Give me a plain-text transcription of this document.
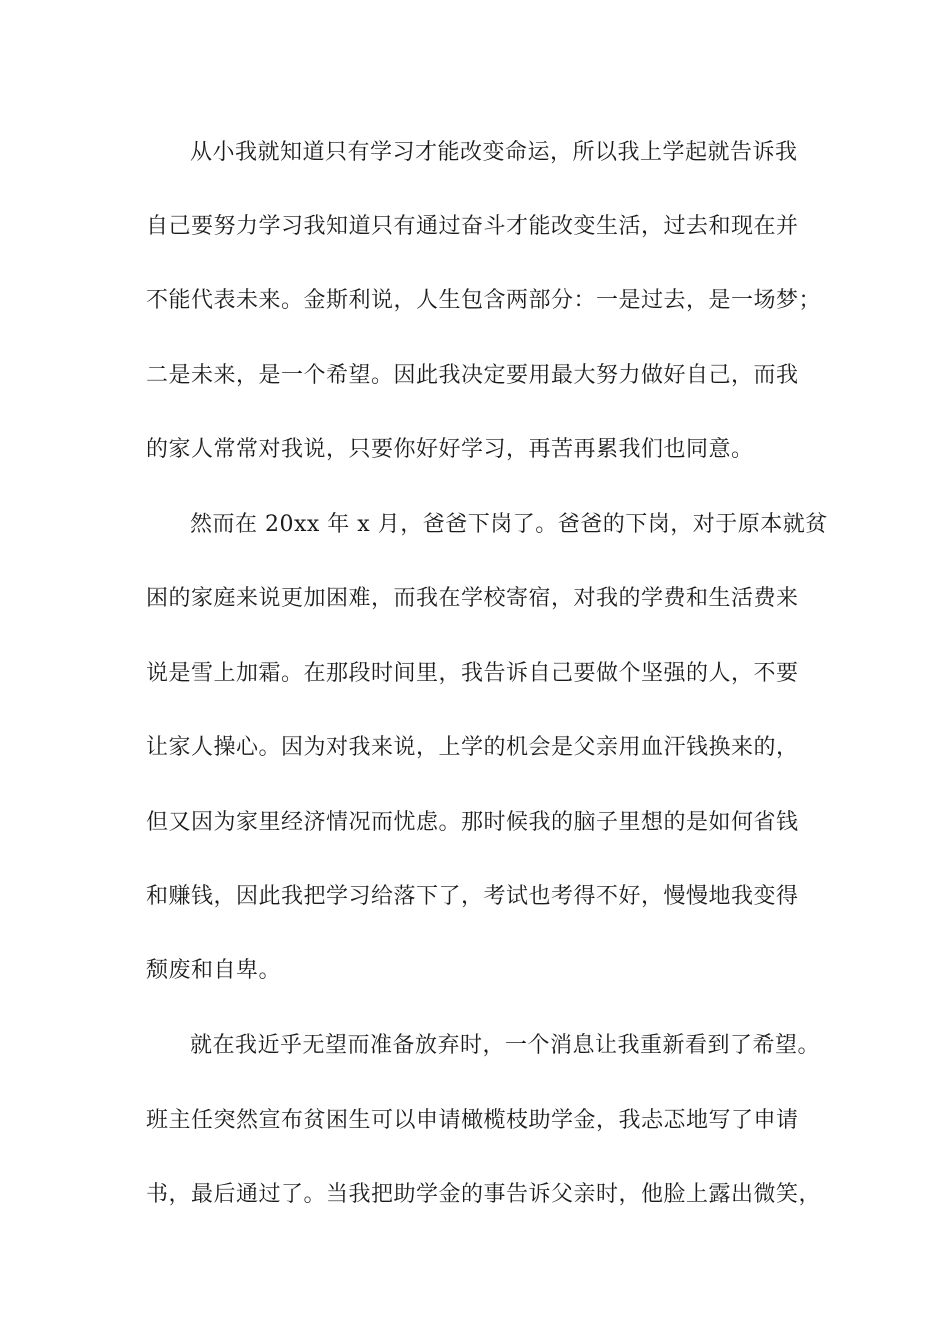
从小我就知道只有学习才能改变命运，所以我上学起就告诉我

自己要努力学习我知道只有通过奋斗才能改变生活，过去和现在并

不能代表未来。金斯利说，人生包含两部分：一是过去，是一场梦；

二是未来，是一个希望。因此我决定要用最大努力做好自己，而我

的家人常常对我说，只要你好好学习，再苦再累我们也同意。

然而在 20xx 年 x 月，爸爸下岗了。爸爸的下岗，对于原本就贫

困的家庭来说更加困难，而我在学校寄宿，对我的学费和生活费来

说是雪上加霜。在那段时间里，我告诉自己要做个坚强的人，不要

让家人操心。因为对我来说，上学的机会是父亲用血汗钱换来的，

但又因为家里经济情况而忧虑。那时候我的脑子里想的是如何省钱

和赚钱，因此我把学习给落下了，考试也考得不好，慢慢地我变得

颓废和自卑。

就在我近乎无望而准备放弃时，一个消息让我重新看到了希望。

班主任突然宣布贫困生可以申请橄榄枝助学金，我忐忑地写了申请

书，最后通过了。当我把助学金的事告诉父亲时，他脸上露出微笑，
